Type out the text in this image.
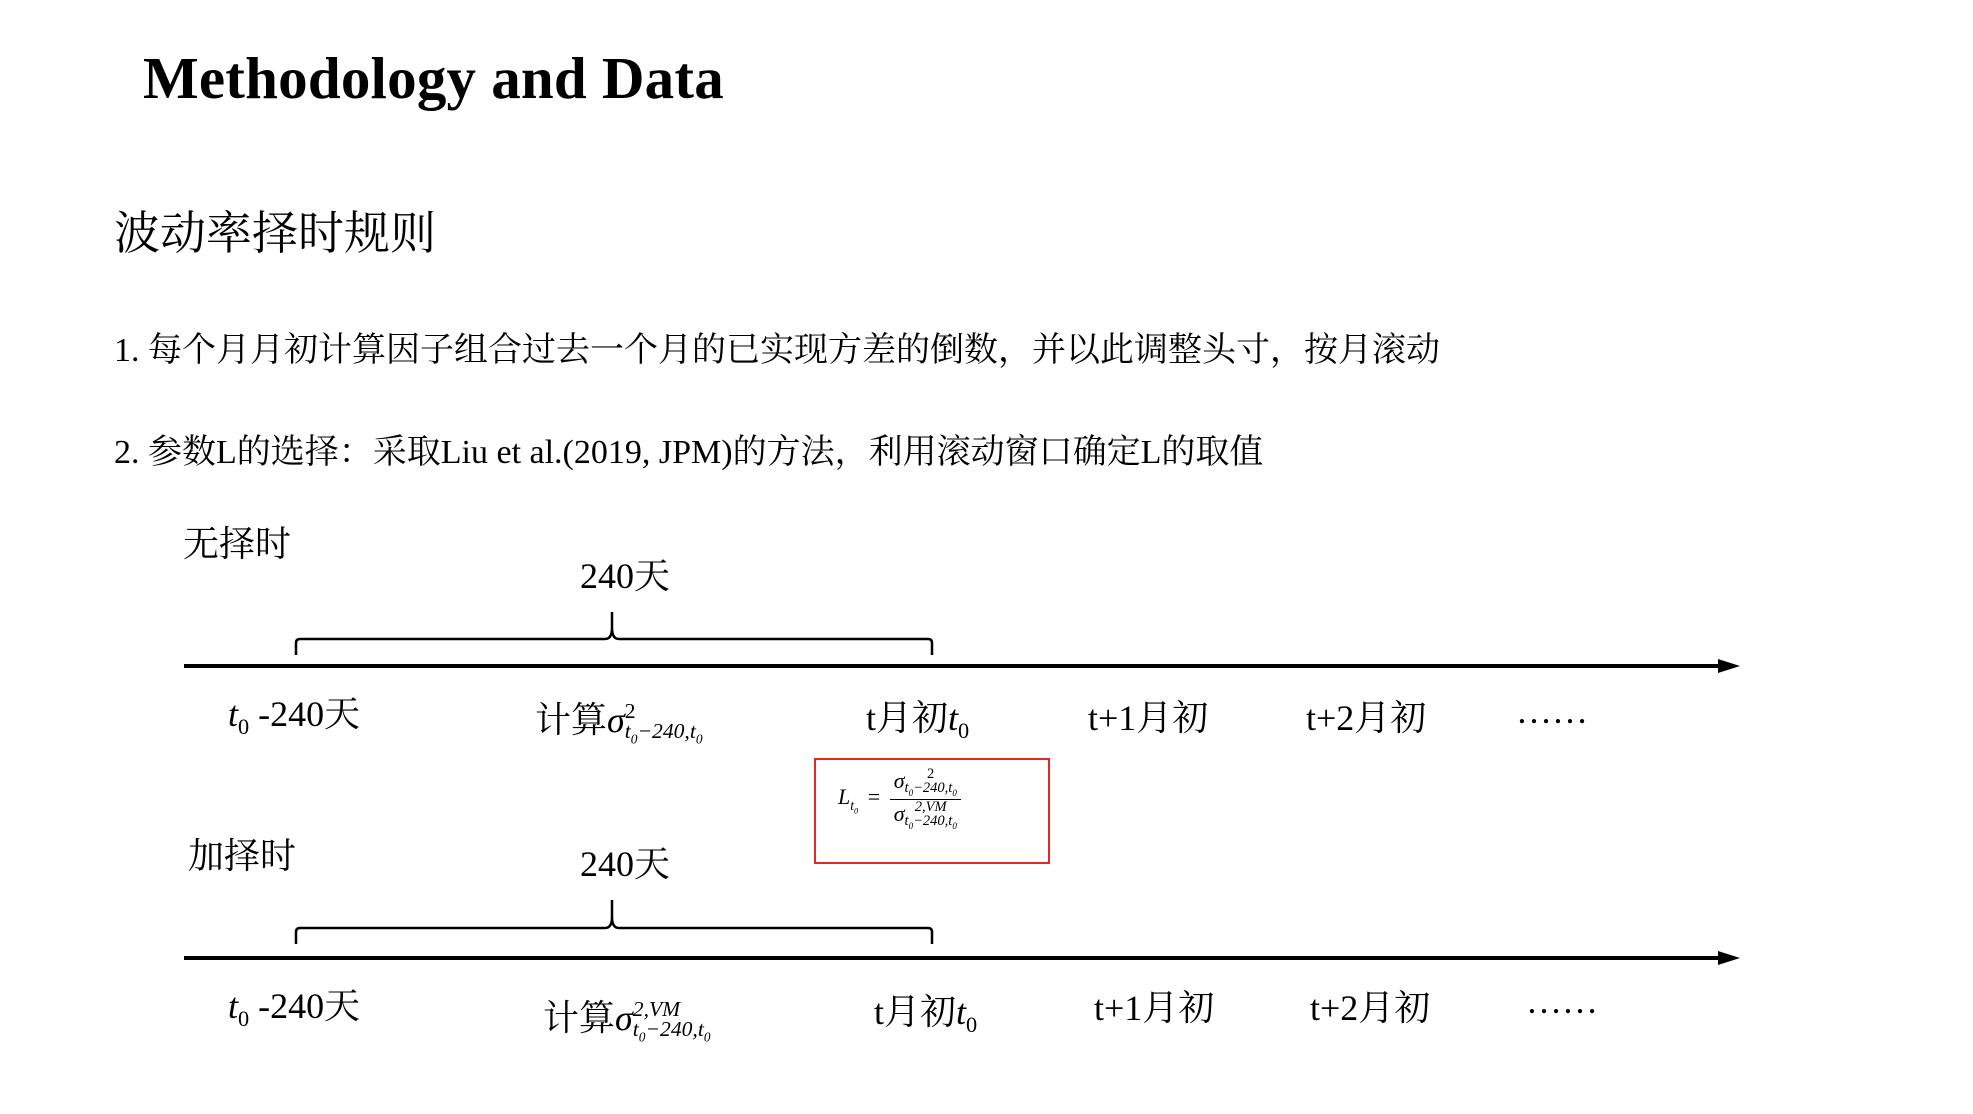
Methodology and Data
波动率择时规则
1. 每个月月初计算因子组合过去一个月的已实现方差的倒数，并以此调整头寸，按月滚动
2. 参数L的选择：采取Liu et al.(2019, JPM)的方法，利用滚动窗口确定L的取值
无择时
240天
$t_0$ -240天	计算σ 2
$t_0-240,t_0$
t月初$t_0$	t+1月初	t+2月初 ……
$L_{t_0} = \sigma$	2
$t_0-240,t_0$
σ 2,VM
$t_0-240,t_0$
加择时	240天
$t_0$ -240天	计算σ 2,VM
$t_0-240,t_0$
t月初$t_0$	t+1月初	t+2月初	……
